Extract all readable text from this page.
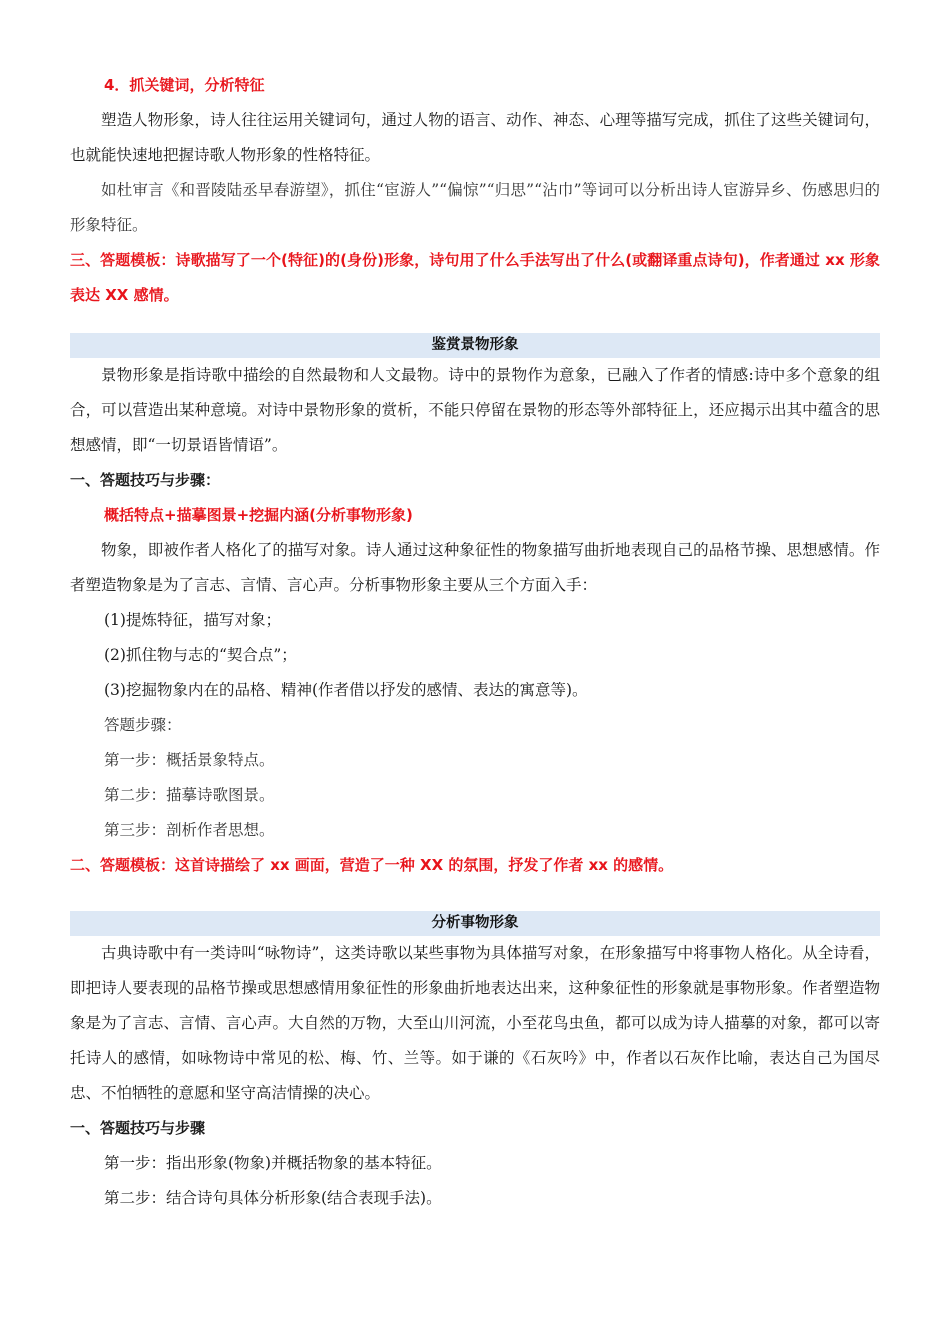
4．抓关键词，分析特征

塑造人物形象，诗人往往运用关键词句，通过人物的语言、动作、神态、心理等描写完成，抓住了这些关键词句，也就能快速地把握诗歌人物形象的性格特征。

如杜审言《和晋陵陆丞早春游望》，抓住“宦游人”“偏惊”“归思”“沾巾”等词可以分析出诗人宦游异乡、伤感思归的形象特征。

三、答题模板：诗歌描写了一个(特征)的(身份)形象，诗句用了什么手法写出了什么(或翻译重点诗句)，作者通过 xx 形象表达 XX 感情。

鉴赏景物形象

景物形象是指诗歌中描绘的自然最物和人文最物。诗中的景物作为意象，已融入了作者的情感:诗中多个意象的组合，可以营造出某种意境。对诗中景物形象的赏析，不能只停留在景物的形态等外部特征上，还应揭示出其中蕴含的思想感情，即“一切景语皆情语”。

一、答题技巧与步骤：

概括特点+描摹图景+挖掘内涵(分析事物形象)

物象，即被作者人格化了的描写对象。诗人通过这种象征性的物象描写曲折地表现自己的品格节操、思想感情。作者塑造物象是为了言志、言情、言心声。分析事物形象主要从三个方面入手：

(1)提炼特征，描写对象；

(2)抓住物与志的“契合点”；

(3)挖掘物象内在的品格、精神(作者借以抒发的感情、表达的寓意等)。

答题步骤：

第一步：概括景象特点。

第二步：描摹诗歌图景。

第三步：剖析作者思想。

二、答题模板：这首诗描绘了 xx 画面，营造了一种 XX 的氛围，抒发了作者 xx 的感情。

分析事物形象

古典诗歌中有一类诗叫“咏物诗”，这类诗歌以某些事物为具体描写对象，在形象描写中将事物人格化。从全诗看，即把诗人要表现的品格节操或思想感情用象征性的形象曲折地表达出来，这种象征性的形象就是事物形象。作者塑造物象是为了言志、言情、言心声。大自然的万物，大至山川河流，小至花鸟虫鱼，都可以成为诗人描摹的对象，都可以寄托诗人的感情，如咏物诗中常见的松、梅、竹、兰等。如于谦的《石灰吟》中，作者以石灰作比喻，表达自己为国尽忠、不怕牺牲的意愿和坚守高洁情操的决心。

一、答题技巧与步骤

第一步：指出形象(物象)并概括物象的基本特征。

第二步：结合诗句具体分析形象(结合表现手法)。
